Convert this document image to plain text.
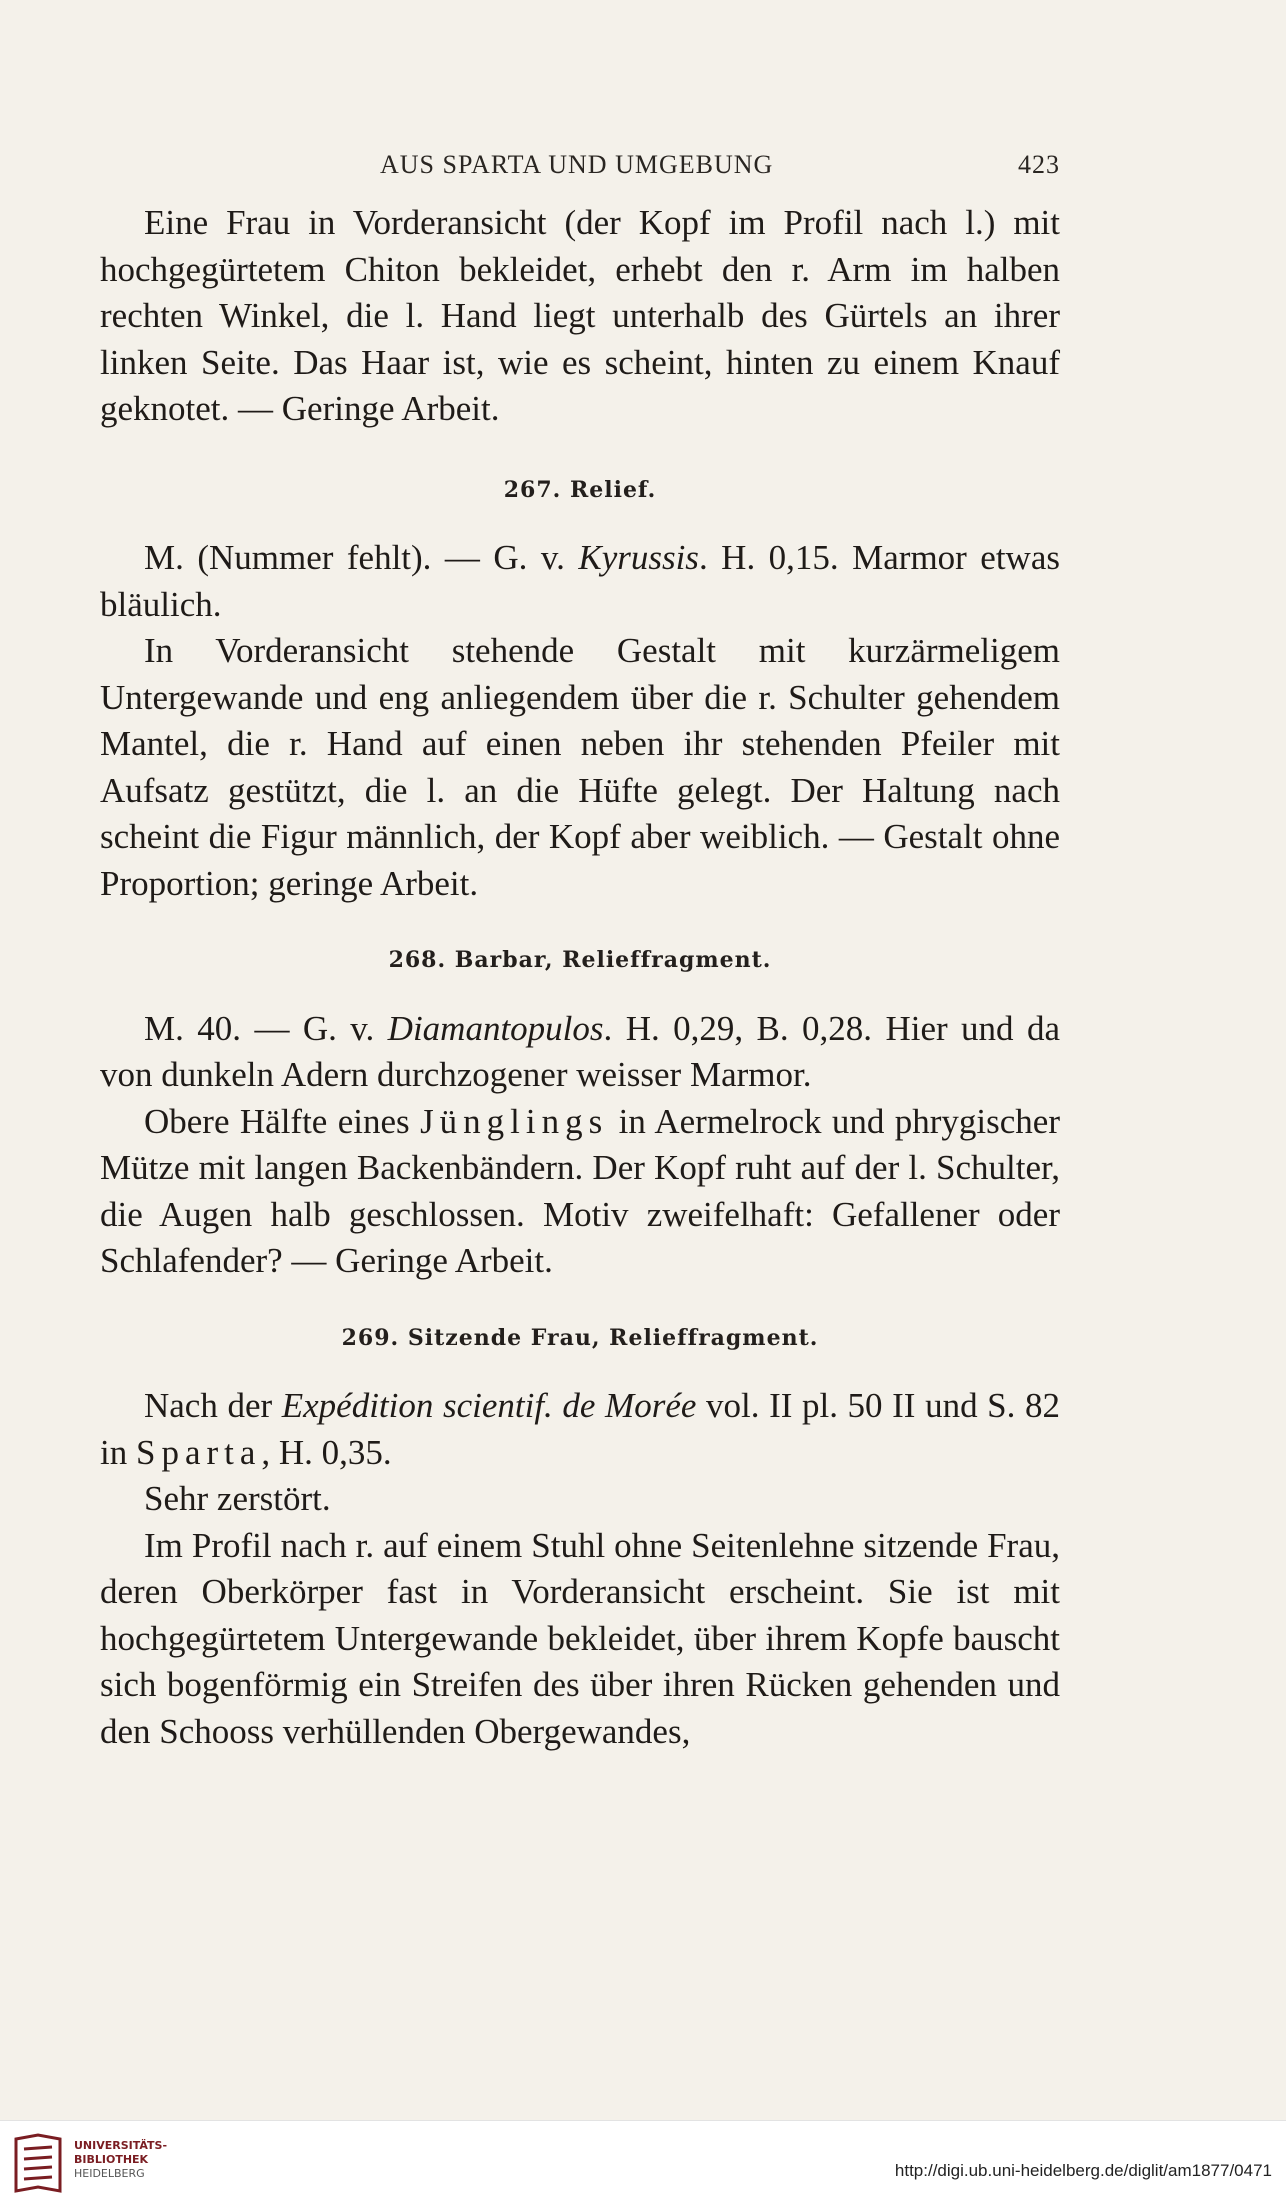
AUS SPARTA UND UMGEBUNG	423

Eine Frau in Vorderansicht (der Kopf im Profil nach l.) mit hochgegürtetem Chiton bekleidet, erhebt den r. Arm im halben rechten Winkel, die l. Hand liegt unterhalb des Gürtels an ihrer linken Seite. Das Haar ist, wie es scheint, hinten zu einem Knauf geknotet. — Geringe Arbeit.

267. Relief.

M. (Nummer fehlt). — G. v. Kyrussis. H. 0,15. Marmor etwas bläulich.

In Vorderansicht stehende Gestalt mit kurzärmeligem Untergewande und eng anliegendem über die r. Schulter gehendem Mantel, die r. Hand auf einen neben ihr stehenden Pfeiler mit Aufsatz gestützt, die l. an die Hüfte gelegt. Der Haltung nach scheint die Figur männlich, der Kopf aber weiblich. — Gestalt ohne Proportion; geringe Arbeit.

268. Barbar, Relieffragment.

M. 40. — G. v. Diamantopulos. H. 0,29, B. 0,28. Hier und da von dunkeln Adern durchzogener weisser Marmor.

Obere Hälfte eines Jünglings in Aermelrock und phrygischer Mütze mit langen Backenbändern. Der Kopf ruht auf der l. Schulter, die Augen halb geschlossen. Motiv zweifelhaft: Gefallener oder Schlafender? — Geringe Arbeit.

269. Sitzende Frau, Relieffragment.

Nach der Expédition scientif. de Morée vol. II pl. 50 II und S. 82 in Sparta, H. 0,35.

Sehr zerstört.

Im Profil nach r. auf einem Stuhl ohne Seitenlehne sitzende Frau, deren Oberkörper fast in Vorderansicht erscheint. Sie ist mit hochgegürtetem Untergewande bekleidet, über ihrem Kopfe bauscht sich bogenförmig ein Streifen des über ihren Rücken gehenden und den Schooss verhüllenden Obergewandes,

UNIVERSITÄTS-
BIBLIOTHEK
HEIDELBERG	http://digi.ub.uni-heidelberg.de/diglit/am1877/0471
